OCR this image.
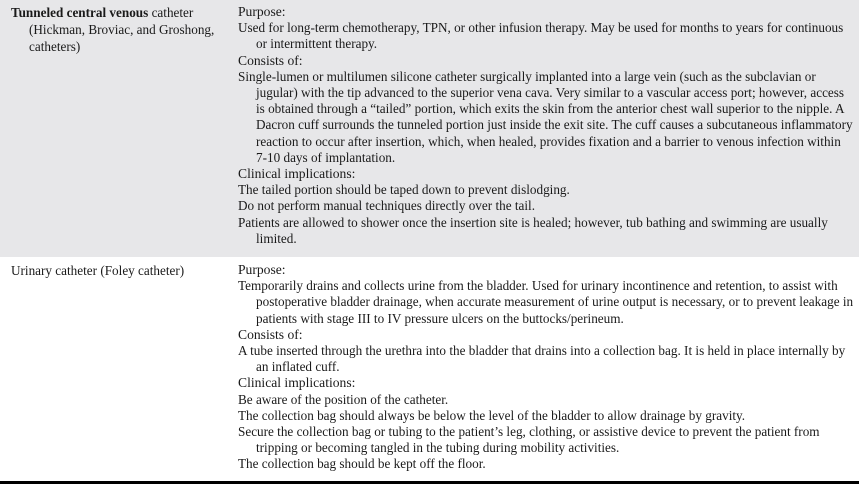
Tunneled central venous catheter (Hickman, Broviac, and Groshong, catheters)
Purpose:

Used for long-term chemotherapy, TPN, or other infusion therapy. May be used for months to years for continuous or intermittent therapy.

Consists of:

Single-lumen or multilumen silicone catheter surgically implanted into a large vein (such as the subclavian or jugular) with the tip advanced to the superior vena cava. Very similar to a vascular access port; however, access is obtained through a “tailed” portion, which exits the skin from the anterior chest wall superior to the nipple. A Dacron cuff surrounds the tunneled portion just inside the exit site. The cuff causes a subcutaneous inflammatory reaction to occur after insertion, which, when healed, provides fixation and a barrier to venous infection within 7-10 days of implantation.

Clinical implications:

The tailed portion should be taped down to prevent dislodging.

Do not perform manual techniques directly over the tail.

Patients are allowed to shower once the insertion site is healed; however, tub bathing and swimming are usually limited.

Urinary catheter (Foley catheter)	Purpose:

Temporarily drains and collects urine from the bladder. Used for urinary incontinence and retention, to assist with postoperative bladder drainage, when accurate measurement of urine output is necessary, or to prevent leakage in patients with stage III to IV pressure ulcers on the buttocks/perineum.

Consists of:

A tube inserted through the urethra into the bladder that drains into a collection bag. It is held in place internally by an inflated cuff.

Clinical implications:

Be aware of the position of the catheter.

The collection bag should always be below the level of the bladder to allow drainage by gravity.

Secure the collection bag or tubing to the patient’s leg, clothing, or assistive device to prevent the patient from tripping or becoming tangled in the tubing during mobility activities.

The collection bag should be kept off the floor.
